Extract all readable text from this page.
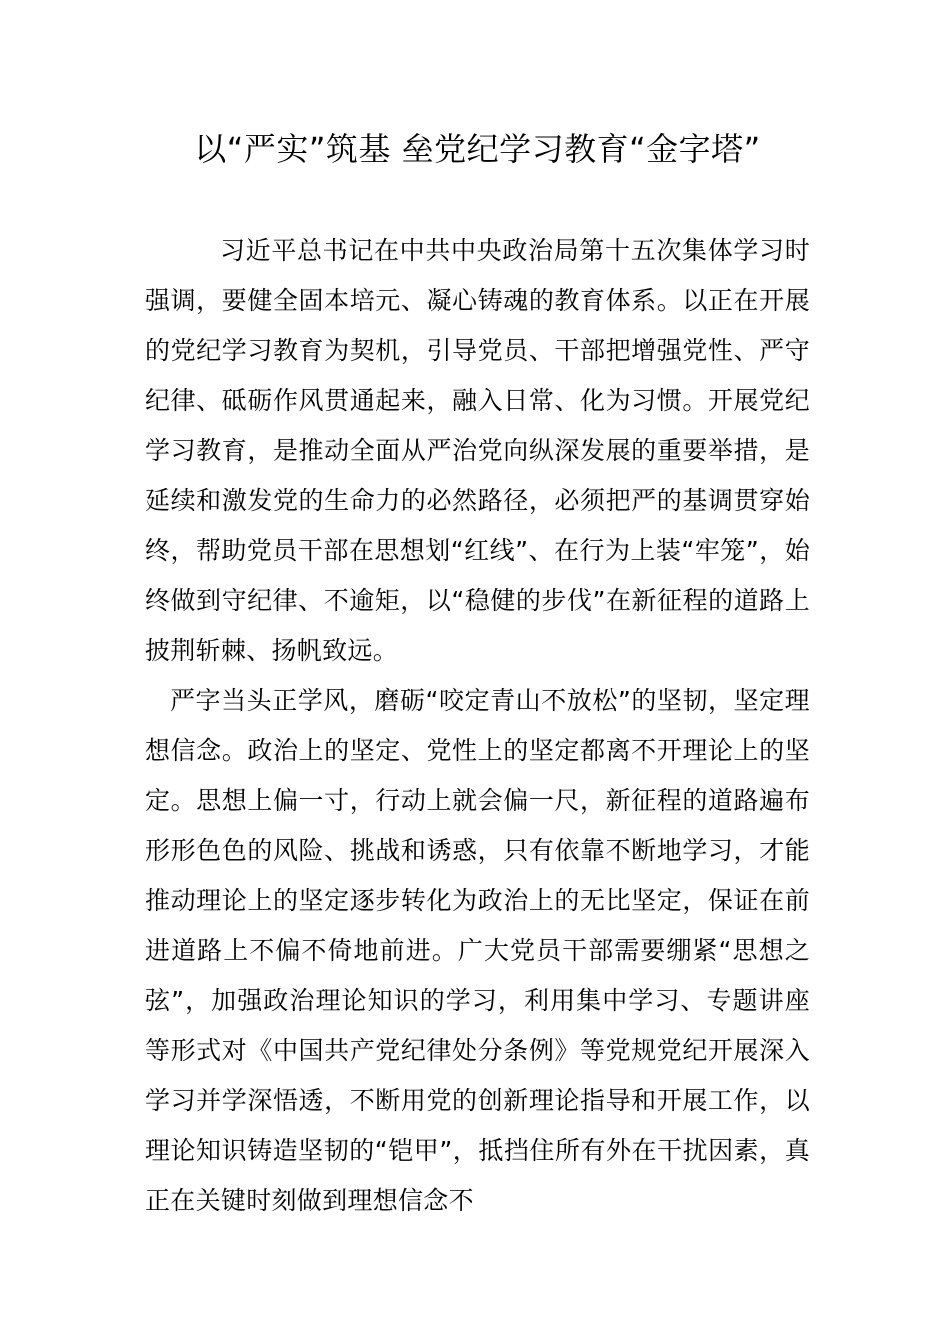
以“严实”筑基 垒党纪学习教育“金字塔”

习近平总书记在中共中央政治局第十五次集体学习时强调，要健全固本培元、凝心铸魂的教育体系。以正在开展的党纪学习教育为契机，引导党员、干部把增强党性、严守纪律、砥砺作风贯通起来，融入日常、化为习惯。开展党纪学习教育，是推动全面从严治党向纵深发展的重要举措，是延续和激发党的生命力的必然路径，必须把严的基调贯穿始终，帮助党员干部在思想划“红线”、在行为上装“牢笼”，始终做到守纪律、不逾矩，以“稳健的步伐”在新征程的道路上披荆斩棘、扬帆致远。

严字当头正学风，磨砺“咬定青山不放松”的坚韧，坚定理想信念。政治上的坚定、党性上的坚定都离不开理论上的坚定。思想上偏一寸，行动上就会偏一尺，新征程的道路遍布形形色色的风险、挑战和诱惑，只有依靠不断地学习，才能推动理论上的坚定逐步转化为政治上的无比坚定，保证在前进道路上不偏不倚地前进。广大党员干部需要绷紧“思想之弦”，加强政治理论知识的学习，利用集中学习、专题讲座等形式对《中国共产党纪律处分条例》等党规党纪开展深入学习并学深悟透，不断用党的创新理论指导和开展工作，以理论知识铸造坚韧的“铠甲”，抵挡住所有外在干扰因素，真正在关键时刻做到理想信念不
